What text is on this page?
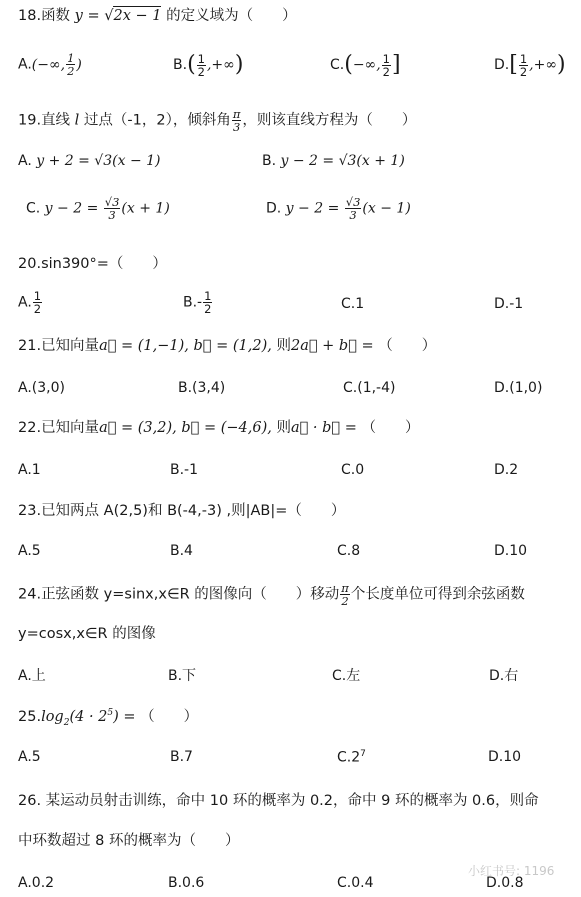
18.函数 y = √2x − 1 的定义域为（　　）
A.(−∞, $\frac{1}{2}$ )	$B.( \frac{1}{2}$ ,+∞)	C.(−∞, $\frac{1}{2}$ ]	$D.[ \frac{1}{2}$ ,+∞)
19.直线 l 过点（-1，2），倾斜角 $\frac{\pi}{3}$ ，则该直线方程为（　　）
A. y + 2 = √3(x − 1)	B. y − 2 = √3(x + 1)
C. $y - 2 = \frac{√3}{3} (x + 1)$	D. $y - 2 = \frac{√3}{3} (x - 1)$
20.sin390°=（　　）
A. $\frac{1}{2}$	$B.- \frac{1}{2}$	C.1	D.-1
21.已知向量a⃗ = (1,−1), b⃗ = (1,2), 则2a⃗ + b⃗ = （　　）
A.(3,0)	B.(3,4)	C.(1,-4)	D.(1,0)
22.已知向量a⃗ = (3,2), b⃗ = (−4,6), 则a⃗ · b⃗ = （　　）
A.1	B.-1	C.0	D.2
23.已知两点 A(2,5)和 B(-4,-3) ,则|AB|=（　　）
A.5	B.4	C.8	D.10
24.正弦函数 y=sinx,x∈R 的图像向（　　）移动 $\frac{\pi}{2}$ 个长度单位可得到余弦函数
y=cosx,x∈R 的图像
A.上	B.下	C.左	D.右
$25.\log_2(4 \cdot 2^5)$ = （　　）
A.5	B.7	$C.2^7$	D.10
26. 某运动员射击训练，命中 10 环的概率为 0.2，命中 9 环的概率为 0.6，则命
中环数超过 8 环的概率为（　　）
A.0.2	B.0.6	C.0.4	D.0.8
小红书号: 1196
